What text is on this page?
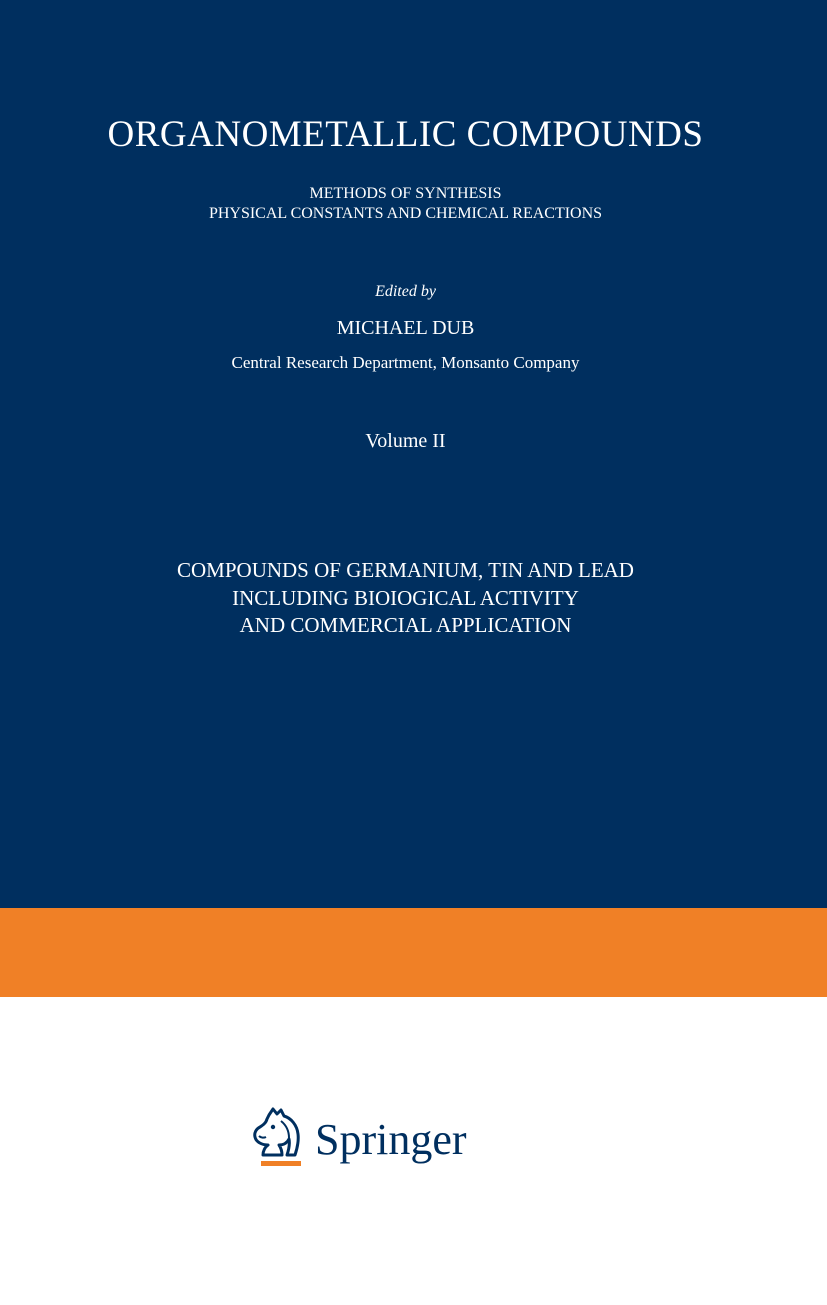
ORGANOMETALLIC COMPOUNDS
METHODS OF SYNTHESIS
PHYSICAL CONSTANTS AND CHEMICAL REACTIONS
Edited by
MICHAEL DUB
Central Research Department, Monsanto Company
Volume II
COMPOUNDS OF GERMANIUM, TIN AND LEAD
INCLUDING BIOIOGICAL ACTIVITY
AND COMMERCIAL APPLICATION
Springer
